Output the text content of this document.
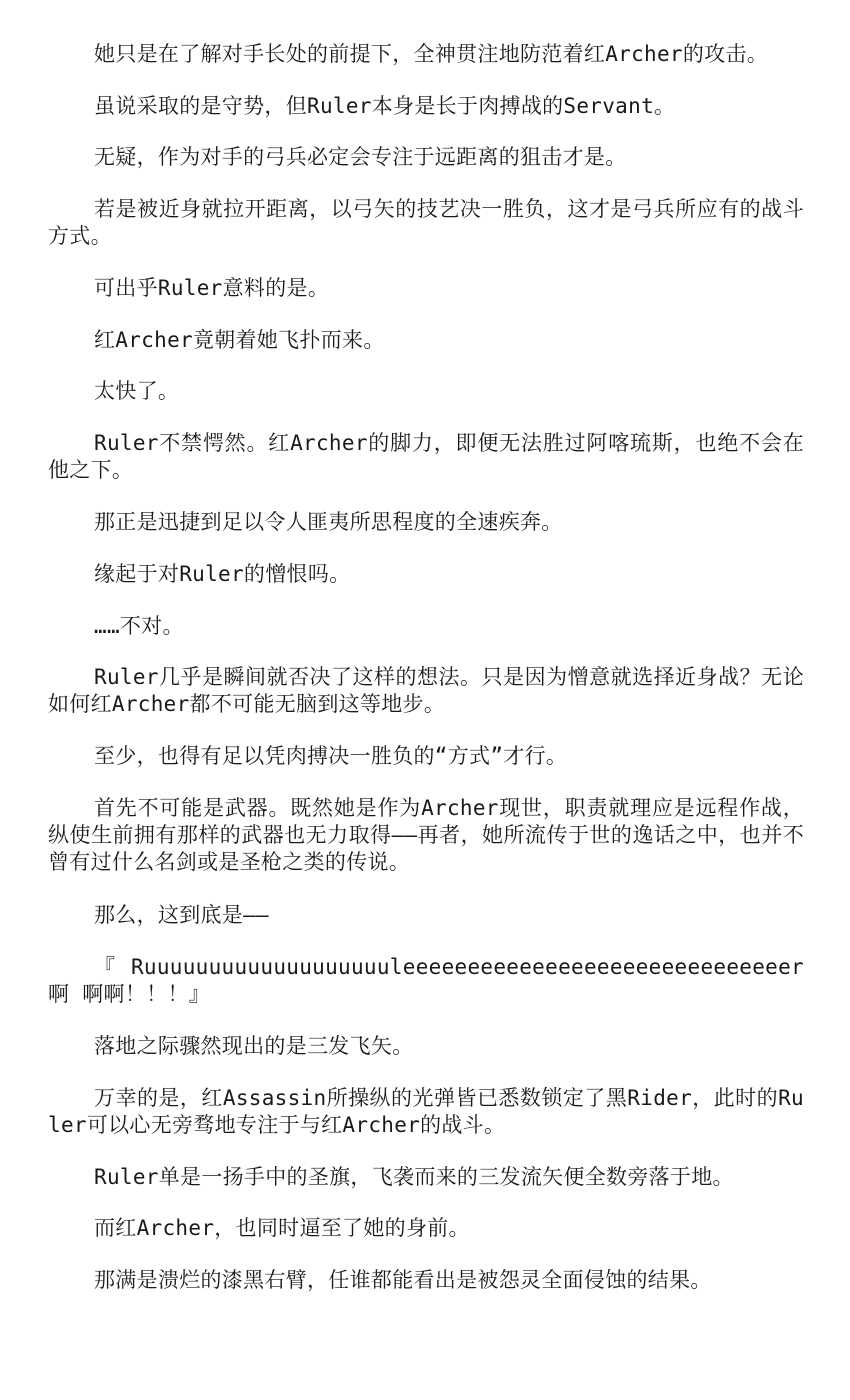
她只是在了解对手长处的前提下，全神贯注地防范着红Archer的攻击。

虽说采取的是守势，但Ruler本身是长于肉搏战的Servant。

无疑，作为对手的弓兵必定会专注于远距离的狙击才是。

若是被近身就拉开距离，以弓矢的技艺决一胜负，这才是弓兵所应有的战斗方式。

可出乎Ruler意料的是。

红Archer竟朝着她飞扑而来。

太快了。

Ruler不禁愕然。红Archer的脚力，即便无法胜过阿喀琉斯，也绝不会在他之下。

那正是迅捷到足以令人匪夷所思程度的全速疾奔。

缘起于对Ruler的憎恨吗。

……不对。

Ruler几乎是瞬间就否决了这样的想法。只是因为憎意就选择近身战？无论如何红Archer都不可能无脑到这等地步。

至少，也得有足以凭肉搏决一胜负的“方式”才行。

首先不可能是武器。既然她是作为Archer现世，职责就理应是远程作战，纵使生前拥有那样的武器也无力取得——再者，她所流传于世的逸话之中，也并不曾有过什么名剑或是圣枪之类的传说。

那么，这到底是——

『 Ruuuuuuuuuuuuuuuuuuuleeeeeeeeeeeeeeeeeeeeeeeeeeeeeer 啊 啊啊！！！』

落地之际骤然现出的是三发飞矢。

万幸的是，红Assassin所操纵的光弹皆已悉数锁定了黑Rider，此时的Ruler可以心无旁骛地专注于与红Archer的战斗。

Ruler单是一扬手中的圣旗，飞袭而来的三发流矢便全数旁落于地。

而红Archer，也同时逼至了她的身前。

那满是溃烂的漆黑右臂，任谁都能看出是被怨灵全面侵蚀的结果。
